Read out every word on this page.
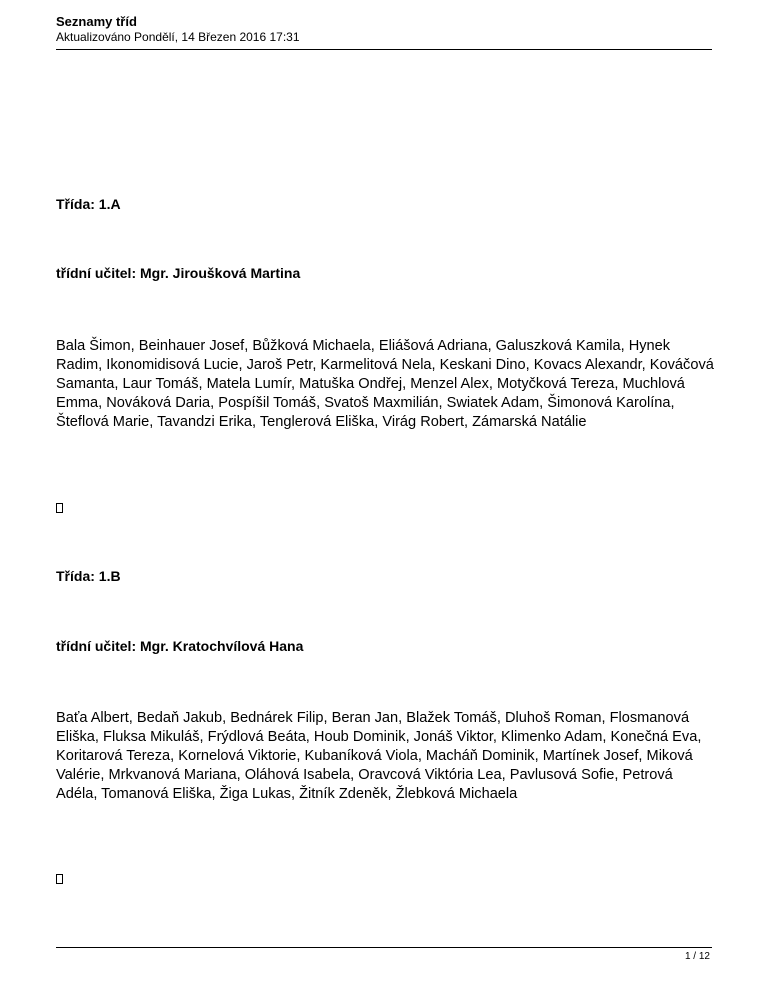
Seznamy tříd
Aktualizováno Pondělí, 14 Březen 2016 17:31

Třída: 1.A

třídní učitel: Mgr. Jiroušková Martina

Bala Šimon, Beinhauer Josef, Bůžková Michaela, Eliášová Adriana, Galuszková Kamila, Hynek Radim, Ikonomidisová Lucie, Jaroš Petr, Karmelitová Nela, Keskani Dino, Kovacs Alexandr, Kováčová Samanta, Laur Tomáš, Matela Lumír, Matuška Ondřej, Menzel Alex, Motyčková Tereza, Muchlová Emma, Nováková Daria, Pospíšil Tomáš, Svatoš Maxmilián, Swiatek Adam, Šimonová Karolína, Šteflová Marie, Tavandzi Erika, Tenglerová Eliška, Virág Robert, Zámarská Natálie

Třída: 1.B

třídní učitel: Mgr. Kratochvílová Hana

Baťa Albert, Bedaň Jakub, Bednárek Filip, Beran Jan, Blažek Tomáš, Dluhoš Roman, Flosmanová Eliška, Fluksa Mikuláš, Frýdlová Beáta, Houb Dominik, Jonáš Viktor, Klimenko Adam, Konečná Eva, Koritarová Tereza, Kornelová Viktorie, Kubaníková Viola, Macháň Dominik, Martínek Josef, Miková Valérie, Mrkvanová Mariana, Oláhová Isabela, Oravcová Viktória Lea, Pavlusová Sofie, Petrová Adéla, Tomanová Eliška, Žiga Lukas, Žitník Zdeněk, Žlebková Michaela

1 / 12
